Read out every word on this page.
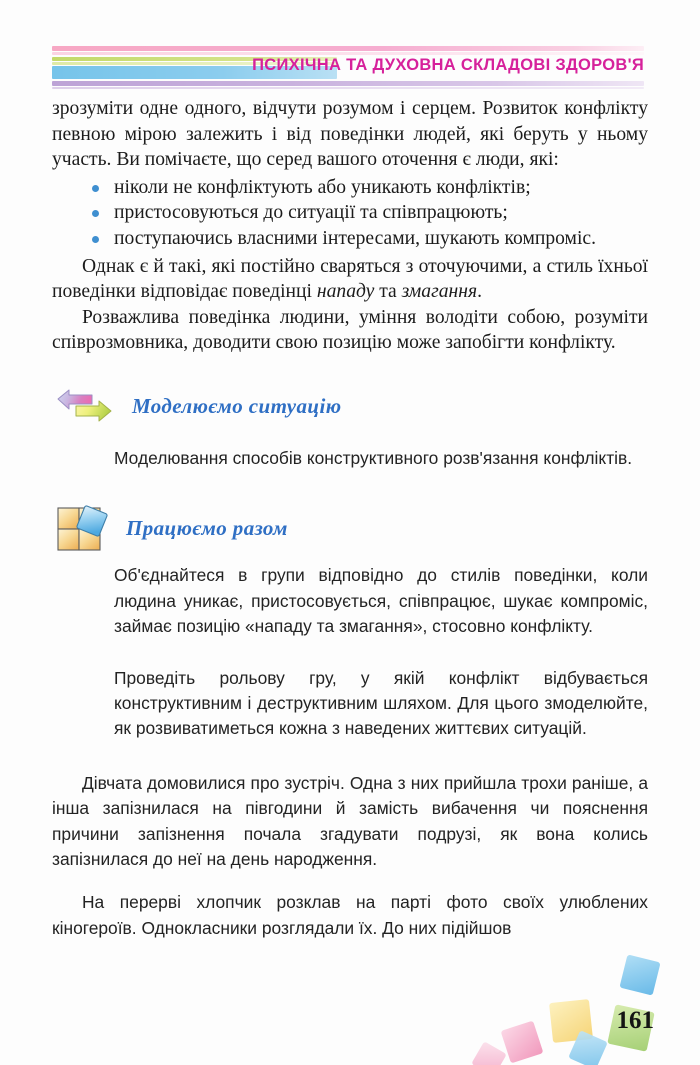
ПСИХІЧНА ТА ДУХОВНА СКЛАДОВІ ЗДОРОВ'Я

зрозуміти одне одного, відчути розумом і серцем. Розвиток конфлікту певною мірою залежить і від поведінки людей, які беруть у ньому участь. Ви помічаєте, що серед вашого оточення є люди, які:

ніколи не конфліктують або уникають конфліктів;
пристосовуються до ситуації та співпрацюють;
поступаючись власними інтересами, шукають компроміс.

Однак є й такі, які постійно сваряться з оточуючими, а стиль їхньої поведінки відповідає поведінці нападу та змагання.

Розважлива поведінка людини, уміння володіти собою, розуміти співрозмовника, доводити свою позицію може запобігти конфлікту.

Моделюємо ситуацію

Моделювання способів конструктивного розв'язання конфліктів.

Працюємо разом

Об'єднайтеся в групи відповідно до стилів поведінки, коли людина уникає, пристосовується, співпрацює, шукає компроміс, займає позицію «нападу та змагання», стосовно конфлікту.

Проведіть рольову гру, у якій конфлікт відбувається конструктивним і деструктивним шляхом. Для цього змоделюйте, як розвиватиметься кожна з наведених життєвих ситуацій.

Дівчата домовилися про зустріч. Одна з них прийшла трохи раніше, а інша запізнилася на півгодини й замість вибачення чи пояснення причини запізнення почала згадувати подрузі, як вона колись запізнилася до неї на день народження.

На перерві хлопчик розклав на парті фото своїх улюблених кіногероїв. Однокласники розглядали їх. До них підійшов

161
